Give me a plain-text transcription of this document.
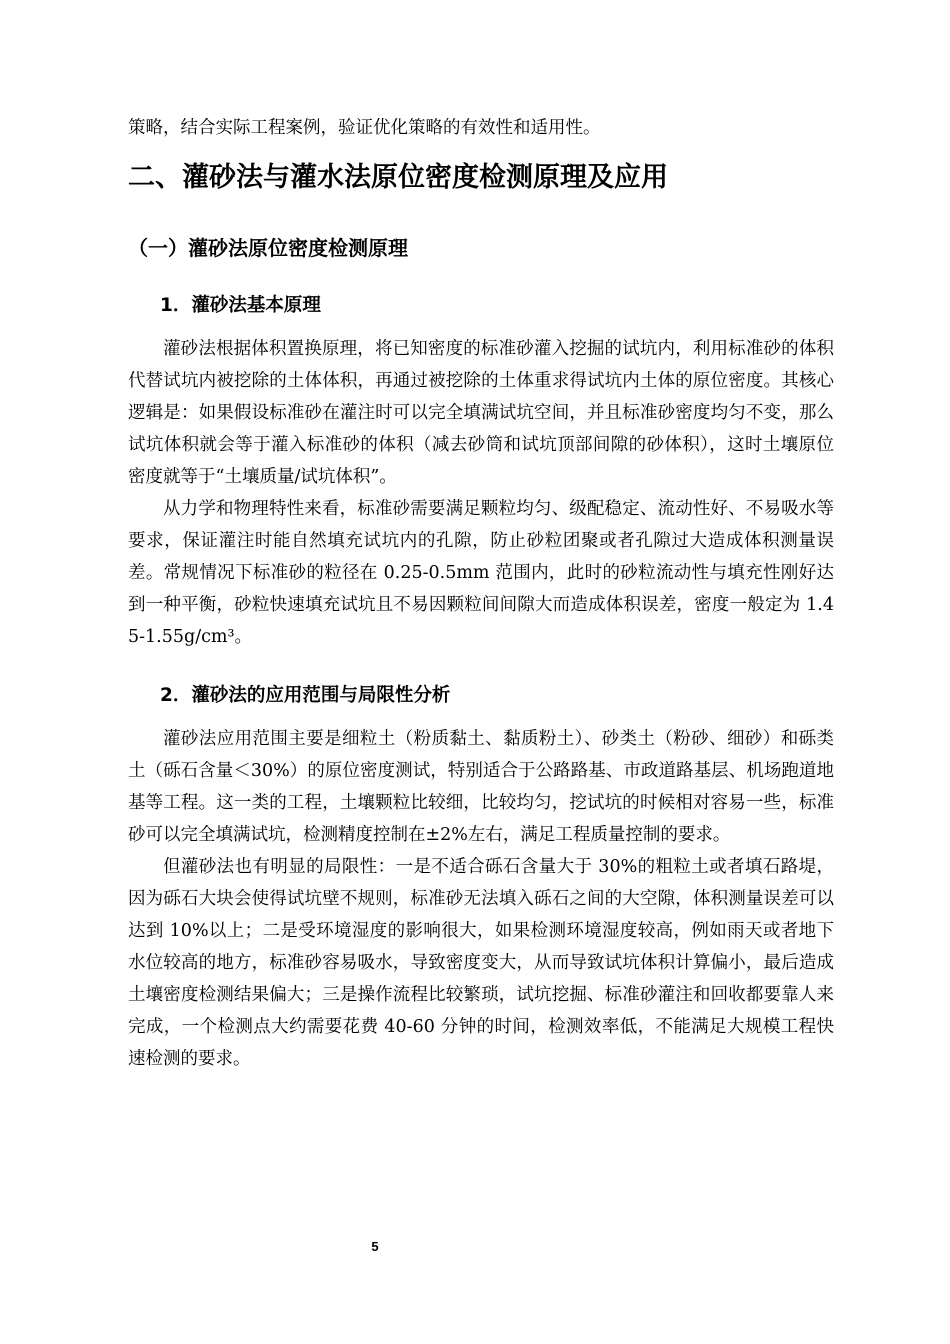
策略，结合实际工程案例，验证优化策略的有效性和适用性。

二、灌砂法与灌水法原位密度检测原理及应用
（一）灌砂法原位密度检测原理
1．灌砂法基本原理

灌砂法根据体积置换原理，将已知密度的标准砂灌入挖掘的试坑内，利用标准砂的体积代替试坑内被挖除的土体体积，再通过被挖除的土体重求得试坑内土体的原位密度。其核心逻辑是：如果假设标准砂在灌注时可以完全填满试坑空间，并且标准砂密度均匀不变，那么试坑体积就会等于灌入标准砂的体积（减去砂筒和试坑顶部间隙的砂体积），这时土壤原位密度就等于“土壤质量/试坑体积”。

从力学和物理特性来看，标准砂需要满足颗粒均匀、级配稳定、流动性好、不易吸水等要求，保证灌注时能自然填充试坑内的孔隙，防止砂粒团聚或者孔隙过大造成体积测量误差。常规情况下标准砂的粒径在 0.25-0.5mm 范围内，此时的砂粒流动性与填充性刚好达到一种平衡，砂粒快速填充试坑且不易因颗粒间间隙大而造成体积误差，密度一般定为 1.45-1.55g/cm³。

2．灌砂法的应用范围与局限性分析

灌砂法应用范围主要是细粒土（粉质黏土、黏质粉土）、砂类土（粉砂、细砂）和砾类土（砾石含量＜30%）的原位密度测试，特别适合于公路路基、市政道路基层、机场跑道地基等工程。这一类的工程，土壤颗粒比较细，比较均匀，挖试坑的时候相对容易一些，标准砂可以完全填满试坑，检测精度控制在±2%左右，满足工程质量控制的要求。

但灌砂法也有明显的局限性：一是不适合砾石含量大于 30%的粗粒土或者填石路堤，因为砾石大块会使得试坑壁不规则，标准砂无法填入砾石之间的大空隙，体积测量误差可以达到 10%以上；二是受环境湿度的影响很大，如果检测环境湿度较高，例如雨天或者地下水位较高的地方，标准砂容易吸水，导致密度变大，从而导致试坑体积计算偏小，最后造成土壤密度检测结果偏大；三是操作流程比较繁琐，试坑挖掘、标准砂灌注和回收都要靠人来完成，一个检测点大约需要花费 40-60 分钟的时间，检测效率低，不能满足大规模工程快速检测的要求。

5
